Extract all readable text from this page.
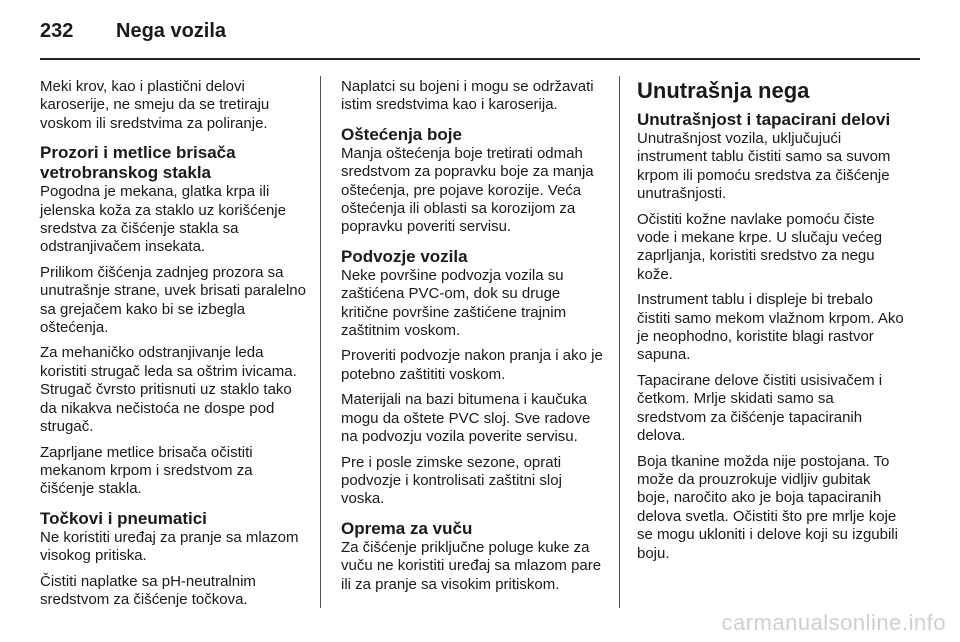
232 Nega vozila

Meki krov, kao i plastični delovi karoserije, ne smeju da se tretiraju voskom ili sredstvima za poliranje.

Prozori i metlice brisača vetrobranskog stakla

Pogodna je mekana, glatka krpa ili jelenska koža za staklo uz korišćenje sredstva za čišćenje stakla sa odstranjivačem insekata.

Prilikom čišćenja zadnjeg prozora sa unutrašnje strane, uvek brisati paralelno sa grejačem kako bi se izbegla oštećenja.

Za mehaničko odstranjivanje leda koristiti strugač leda sa oštrim ivicama. Strugač čvrsto pritisnuti uz staklo tako da nikakva nečistoća ne dospe pod strugač.

Zaprljane metlice brisača očistiti mekanom krpom i sredstvom za čišćenje stakla.

Točkovi i pneumatici

Ne koristiti uređaj za pranje sa mlazom visokog pritiska.

Čistiti naplatke sa pH-neutralnim sredstvom za čišćenje točkova.

Naplatci su bojeni i mogu se održavati istim sredstvima kao i karoserija.

Oštećenja boje

Manja oštećenja boje tretirati odmah sredstvom za popravku boje za manja oštećenja, pre pojave korozije. Veća oštećenja ili oblasti sa korozijom za popravku poveriti servisu.

Podvozje vozila

Neke površine podvozja vozila su zaštićena PVC-om, dok su druge kritične površine zaštićene trajnim zaštitnim voskom.

Proveriti podvozje nakon pranja i ako je potebno zaštititi voskom.

Materijali na bazi bitumena i kaučuka mogu da oštete PVC sloj. Sve radove na podvozju vozila poverite servisu.

Pre i posle zimske sezone, oprati podvozje i kontrolisati zaštitni sloj voska.

Oprema za vuču

Za čišćenje priključne poluge kuke za vuču ne koristiti uređaj sa mlazom pare ili za pranje sa visokim pritiskom.

Unutrašnja nega
Unutrašnjost i tapacirani delovi

Unutrašnjost vozila, uključujući instrument tablu čistiti samo sa suvom krpom ili pomoću sredstva za čišćenje unutrašnjosti.

Očistiti kožne navlake pomoću čiste vode i mekane krpe. U slučaju većeg zaprljanja, koristiti sredstvo za negu kože.

Instrument tablu i displeje bi trebalo čistiti samo mekom vlažnom krpom. Ako je neophodno, koristite blagi rastvor sapuna.

Tapacirane delove čistiti usisivačem i četkom. Mrlje skidati samo sa sredstvom za čišćenje tapaciranih delova.

Boja tkanine možda nije postojana. To može da prouzrokuje vidljiv gubitak boje, naročito ako je boja tapaciranih delova svetla. Očistiti što pre mrlje koje se mogu ukloniti i delove koji su izgubili boju.

carmanualsonline.info
